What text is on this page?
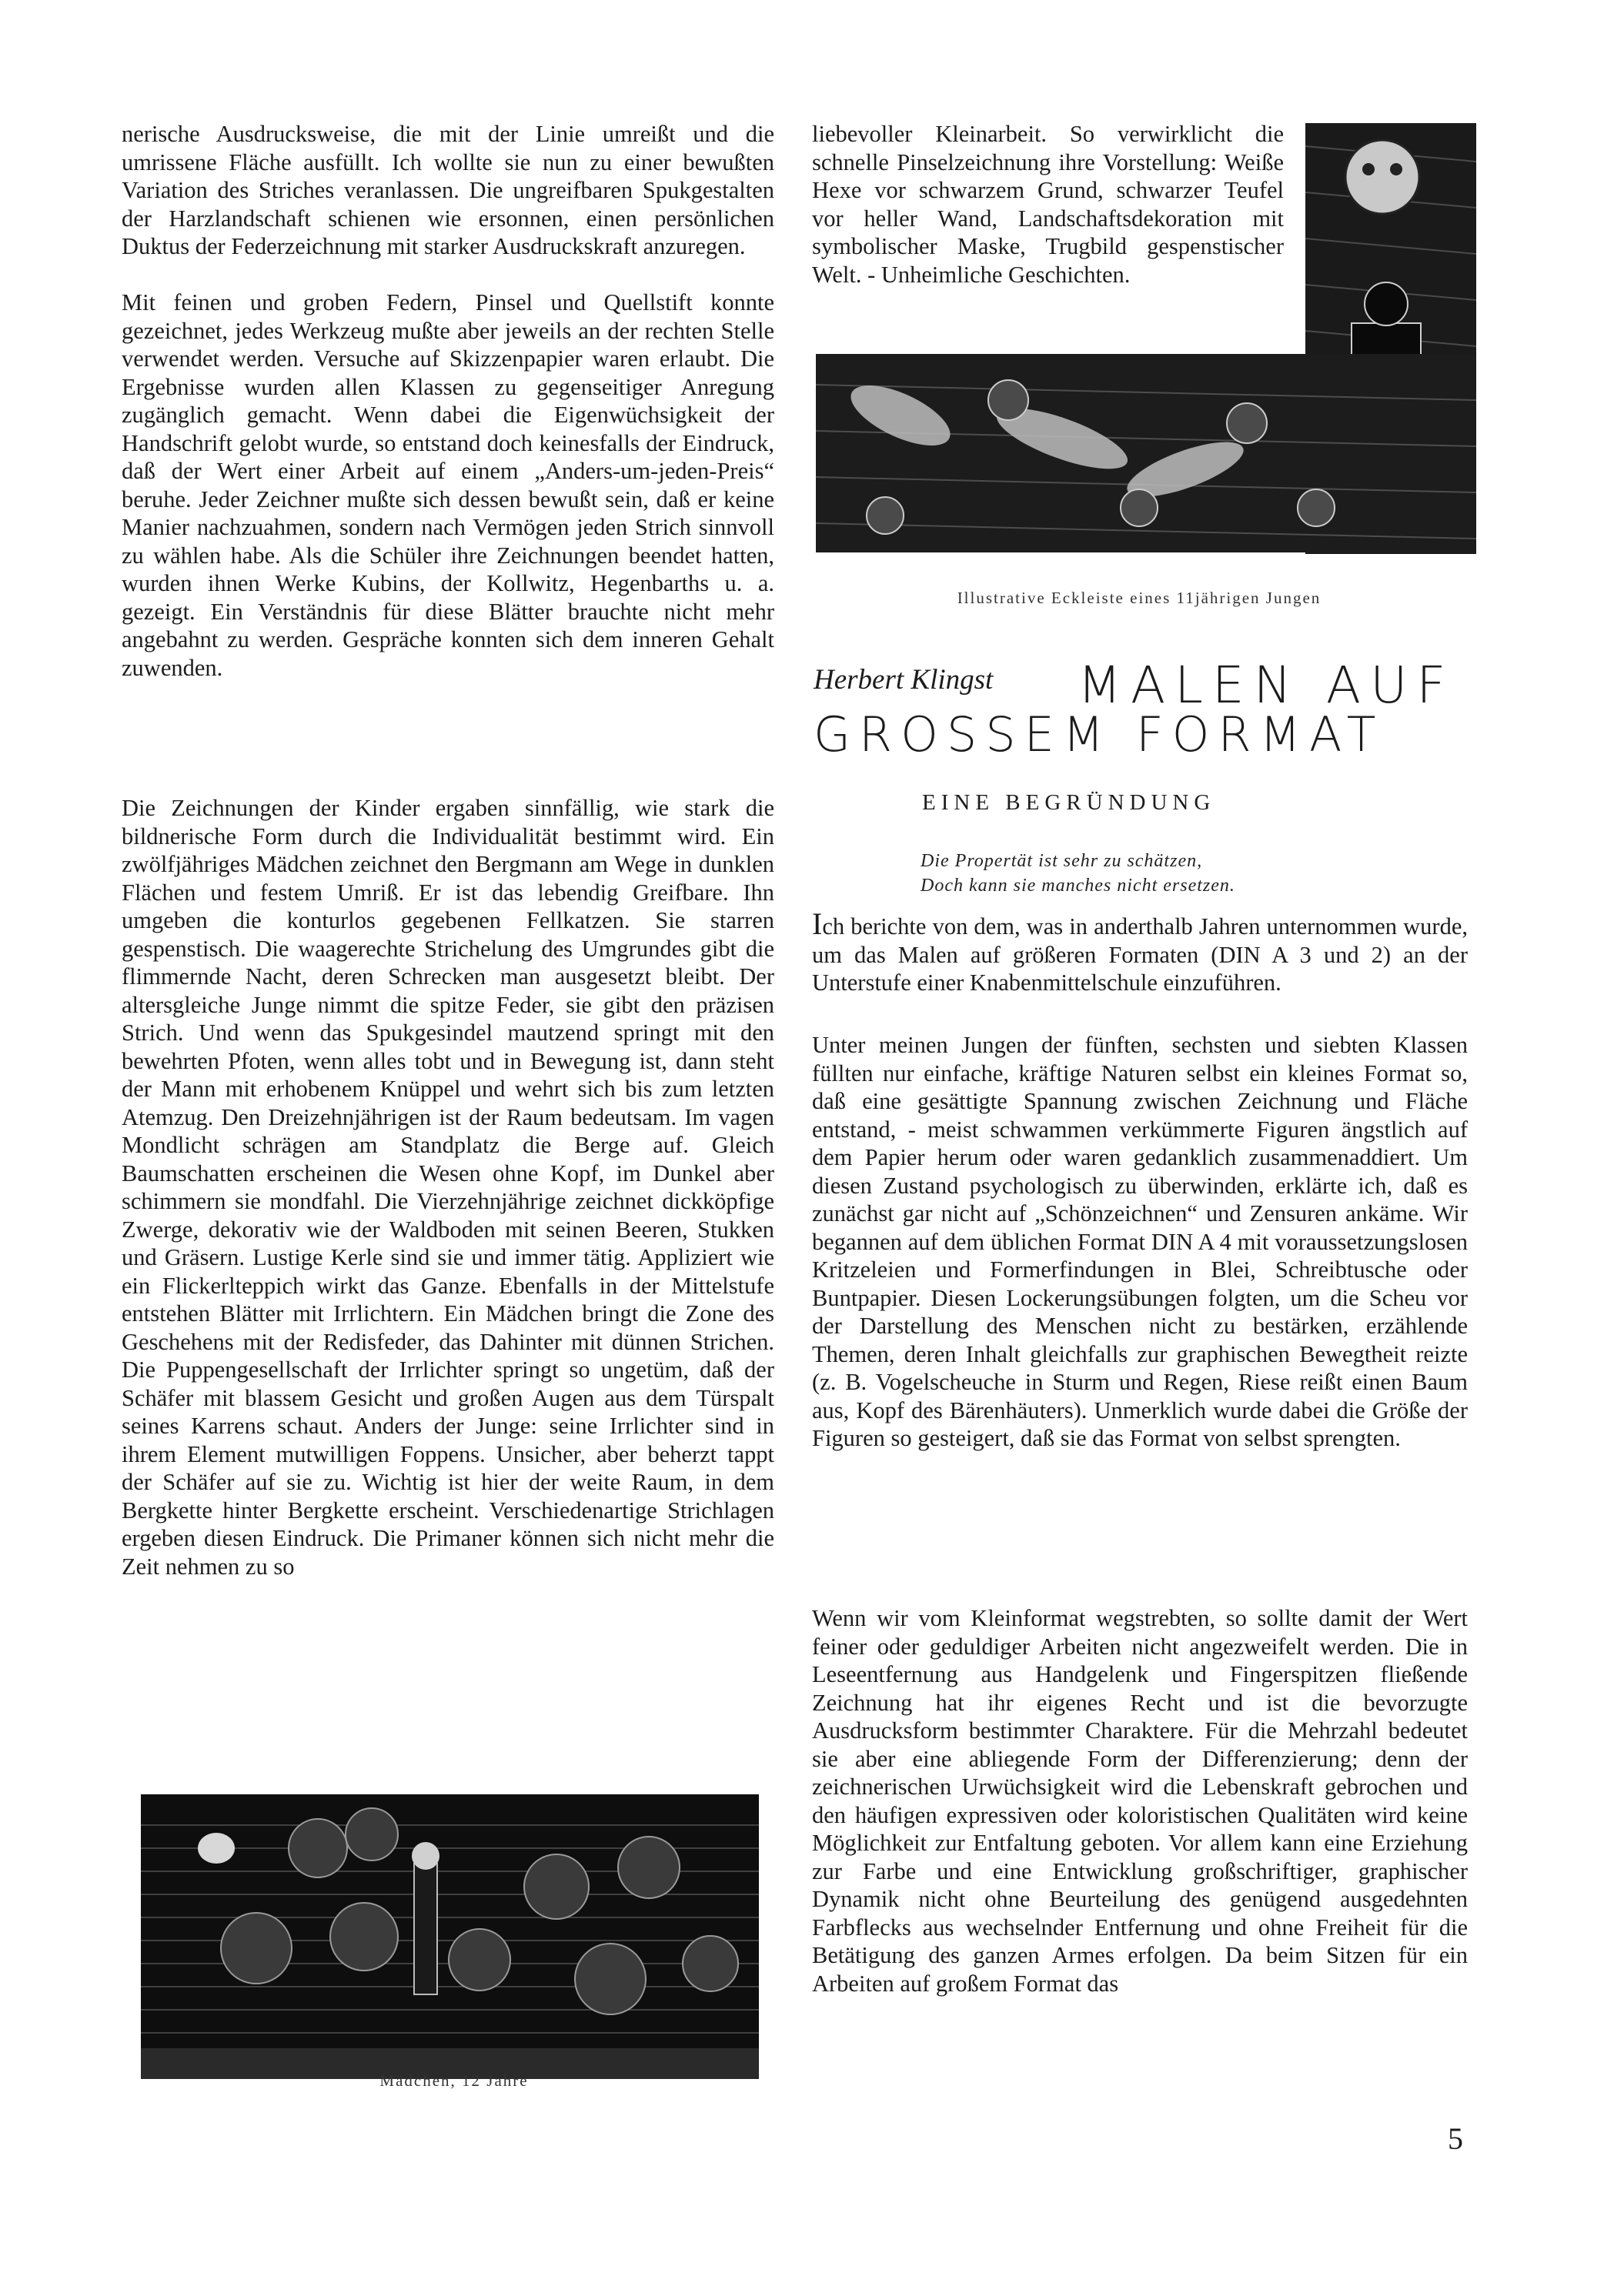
nerische Ausdrucksweise, die mit der Linie umreißt und die umrissene Fläche ausfüllt. Ich wollte sie nun zu einer bewußten Variation des Striches veranlassen. Die ungreifbaren Spukgestalten der Harzlandschaft schienen wie ersonnen, einen persönlichen Duktus der Federzeichnung mit starker Ausdruckskraft anzuregen.

Mit feinen und groben Federn, Pinsel und Quellstift konnte gezeichnet, jedes Werkzeug mußte aber jeweils an der rechten Stelle verwendet werden. Versuche auf Skizzenpapier waren erlaubt. Die Ergebnisse wurden allen Klassen zu gegenseitiger Anregung zugänglich gemacht. Wenn dabei die Eigenwüchsigkeit der Handschrift gelobt wurde, so entstand doch keinesfalls der Eindruck, daß der Wert einer Arbeit auf einem „Anders-um-jeden-Preis“ beruhe. Jeder Zeichner mußte sich dessen bewußt sein, daß er keine Manier nachzuahmen, sondern nach Vermögen jeden Strich sinnvoll zu wählen habe. Als die Schüler ihre Zeichnungen beendet hatten, wurden ihnen Werke Kubins, der Kollwitz, Hegenbarths u. a. gezeigt. Ein Verständnis für diese Blätter brauchte nicht mehr angebahnt zu werden. Gespräche konnten sich dem inneren Gehalt zuwenden.

Die Zeichnungen der Kinder ergaben sinnfällig, wie stark die bildnerische Form durch die Individualität bestimmt wird. Ein zwölfjähriges Mädchen zeichnet den Bergmann am Wege in dunklen Flächen und festem Umriß. Er ist das lebendig Greifbare. Ihn umgeben die konturlos gegebenen Fellkatzen. Sie starren gespenstisch. Die waagerechte Strichelung des Umgrundes gibt die flimmernde Nacht, deren Schrecken man ausgesetzt bleibt. Der altersgleiche Junge nimmt die spitze Feder, sie gibt den präzisen Strich. Und wenn das Spukgesindel mautzend springt mit den bewehrten Pfoten, wenn alles tobt und in Bewegung ist, dann steht der Mann mit erhobenem Knüppel und wehrt sich bis zum letzten Atemzug. Den Dreizehnjährigen ist der Raum bedeutsam. Im vagen Mondlicht schrägen am Standplatz die Berge auf. Gleich Baumschatten erscheinen die Wesen ohne Kopf, im Dunkel aber schimmern sie mondfahl. Die Vierzehnjährige zeichnet dickköpfige Zwerge, dekorativ wie der Waldboden mit seinen Beeren, Stukken und Gräsern. Lustige Kerle sind sie und immer tätig. Appliziert wie ein Flickerlteppich wirkt das Ganze. Ebenfalls in der Mittelstufe entstehen Blätter mit Irrlichtern. Ein Mädchen bringt die Zone des Geschehens mit der Redisfeder, das Dahinter mit dünnen Strichen. Die Puppengesellschaft der Irrlichter springt so ungetüm, daß der Schäfer mit blassem Gesicht und großen Augen aus dem Türspalt seines Karrens schaut. Anders der Junge: seine Irrlichter sind in ihrem Element mutwilligen Foppens. Unsicher, aber beherzt tappt der Schäfer auf sie zu. Wichtig ist hier der weite Raum, in dem Bergkette hinter Bergkette erscheint. Verschiedenartige Strichlagen ergeben diesen Eindruck. Die Primaner können sich nicht mehr die Zeit nehmen zu so

Mädchen, 12 Jahre

liebevoller Kleinarbeit. So verwirklicht die schnelle Pinselzeichnung ihre Vorstellung: Weiße Hexe vor schwarzem Grund, schwarzer Teufel vor heller Wand, Landschaftsdekoration mit symbolischer Maske, Trugbild gespenstischer Welt. - Unheimliche Geschichten.

Illustrative Eckleiste eines 11jährigen Jungen

Herbert Klingst MALEN AUF
GROSSEM FORMAT
EINE BEGRÜNDUNG
Die Propertät ist sehr zu schätzen,
Doch kann sie manches nicht ersetzen.

Ich berichte von dem, was in anderthalb Jahren unternommen wurde, um das Malen auf größeren Formaten (DIN A 3 und 2) an der Unterstufe einer Knabenmittelschule einzuführen.

Unter meinen Jungen der fünften, sechsten und siebten Klassen füllten nur einfache, kräftige Naturen selbst ein kleines Format so, daß eine gesättigte Spannung zwischen Zeichnung und Fläche entstand, - meist schwammen verkümmerte Figuren ängstlich auf dem Papier herum oder waren gedanklich zusammenaddiert. Um diesen Zustand psychologisch zu überwinden, erklärte ich, daß es zunächst gar nicht auf „Schönzeichnen“ und Zensuren ankäme. Wir begannen auf dem üblichen Format DIN A 4 mit voraussetzungslosen Kritzeleien und Formerfindungen in Blei, Schreibtusche oder Buntpapier. Diesen Lockerungsübungen folgten, um die Scheu vor der Darstellung des Menschen nicht zu bestärken, erzählende Themen, deren Inhalt gleichfalls zur graphischen Bewegtheit reizte (z. B. Vogelscheuche in Sturm und Regen, Riese reißt einen Baum aus, Kopf des Bärenhäuters). Unmerklich wurde dabei die Größe der Figuren so gesteigert, daß sie das Format von selbst sprengten.

Wenn wir vom Kleinformat wegstrebten, so sollte damit der Wert feiner oder geduldiger Arbeiten nicht angezweifelt werden. Die in Leseentfernung aus Handgelenk und Fingerspitzen fließende Zeichnung hat ihr eigenes Recht und ist die bevorzugte Ausdrucksform bestimmter Charaktere. Für die Mehrzahl bedeutet sie aber eine abliegende Form der Differenzierung; denn der zeichnerischen Urwüchsigkeit wird die Lebenskraft gebrochen und den häufigen expressiven oder koloristischen Qualitäten wird keine Möglichkeit zur Entfaltung geboten. Vor allem kann eine Erziehung zur Farbe und eine Entwicklung großschriftiger, graphischer Dynamik nicht ohne Beurteilung des genügend ausgedehnten Farbflecks aus wechselnder Entfernung und ohne Freiheit für die Betätigung des ganzen Armes erfolgen. Da beim Sitzen für ein Arbeiten auf großem Format das

5
